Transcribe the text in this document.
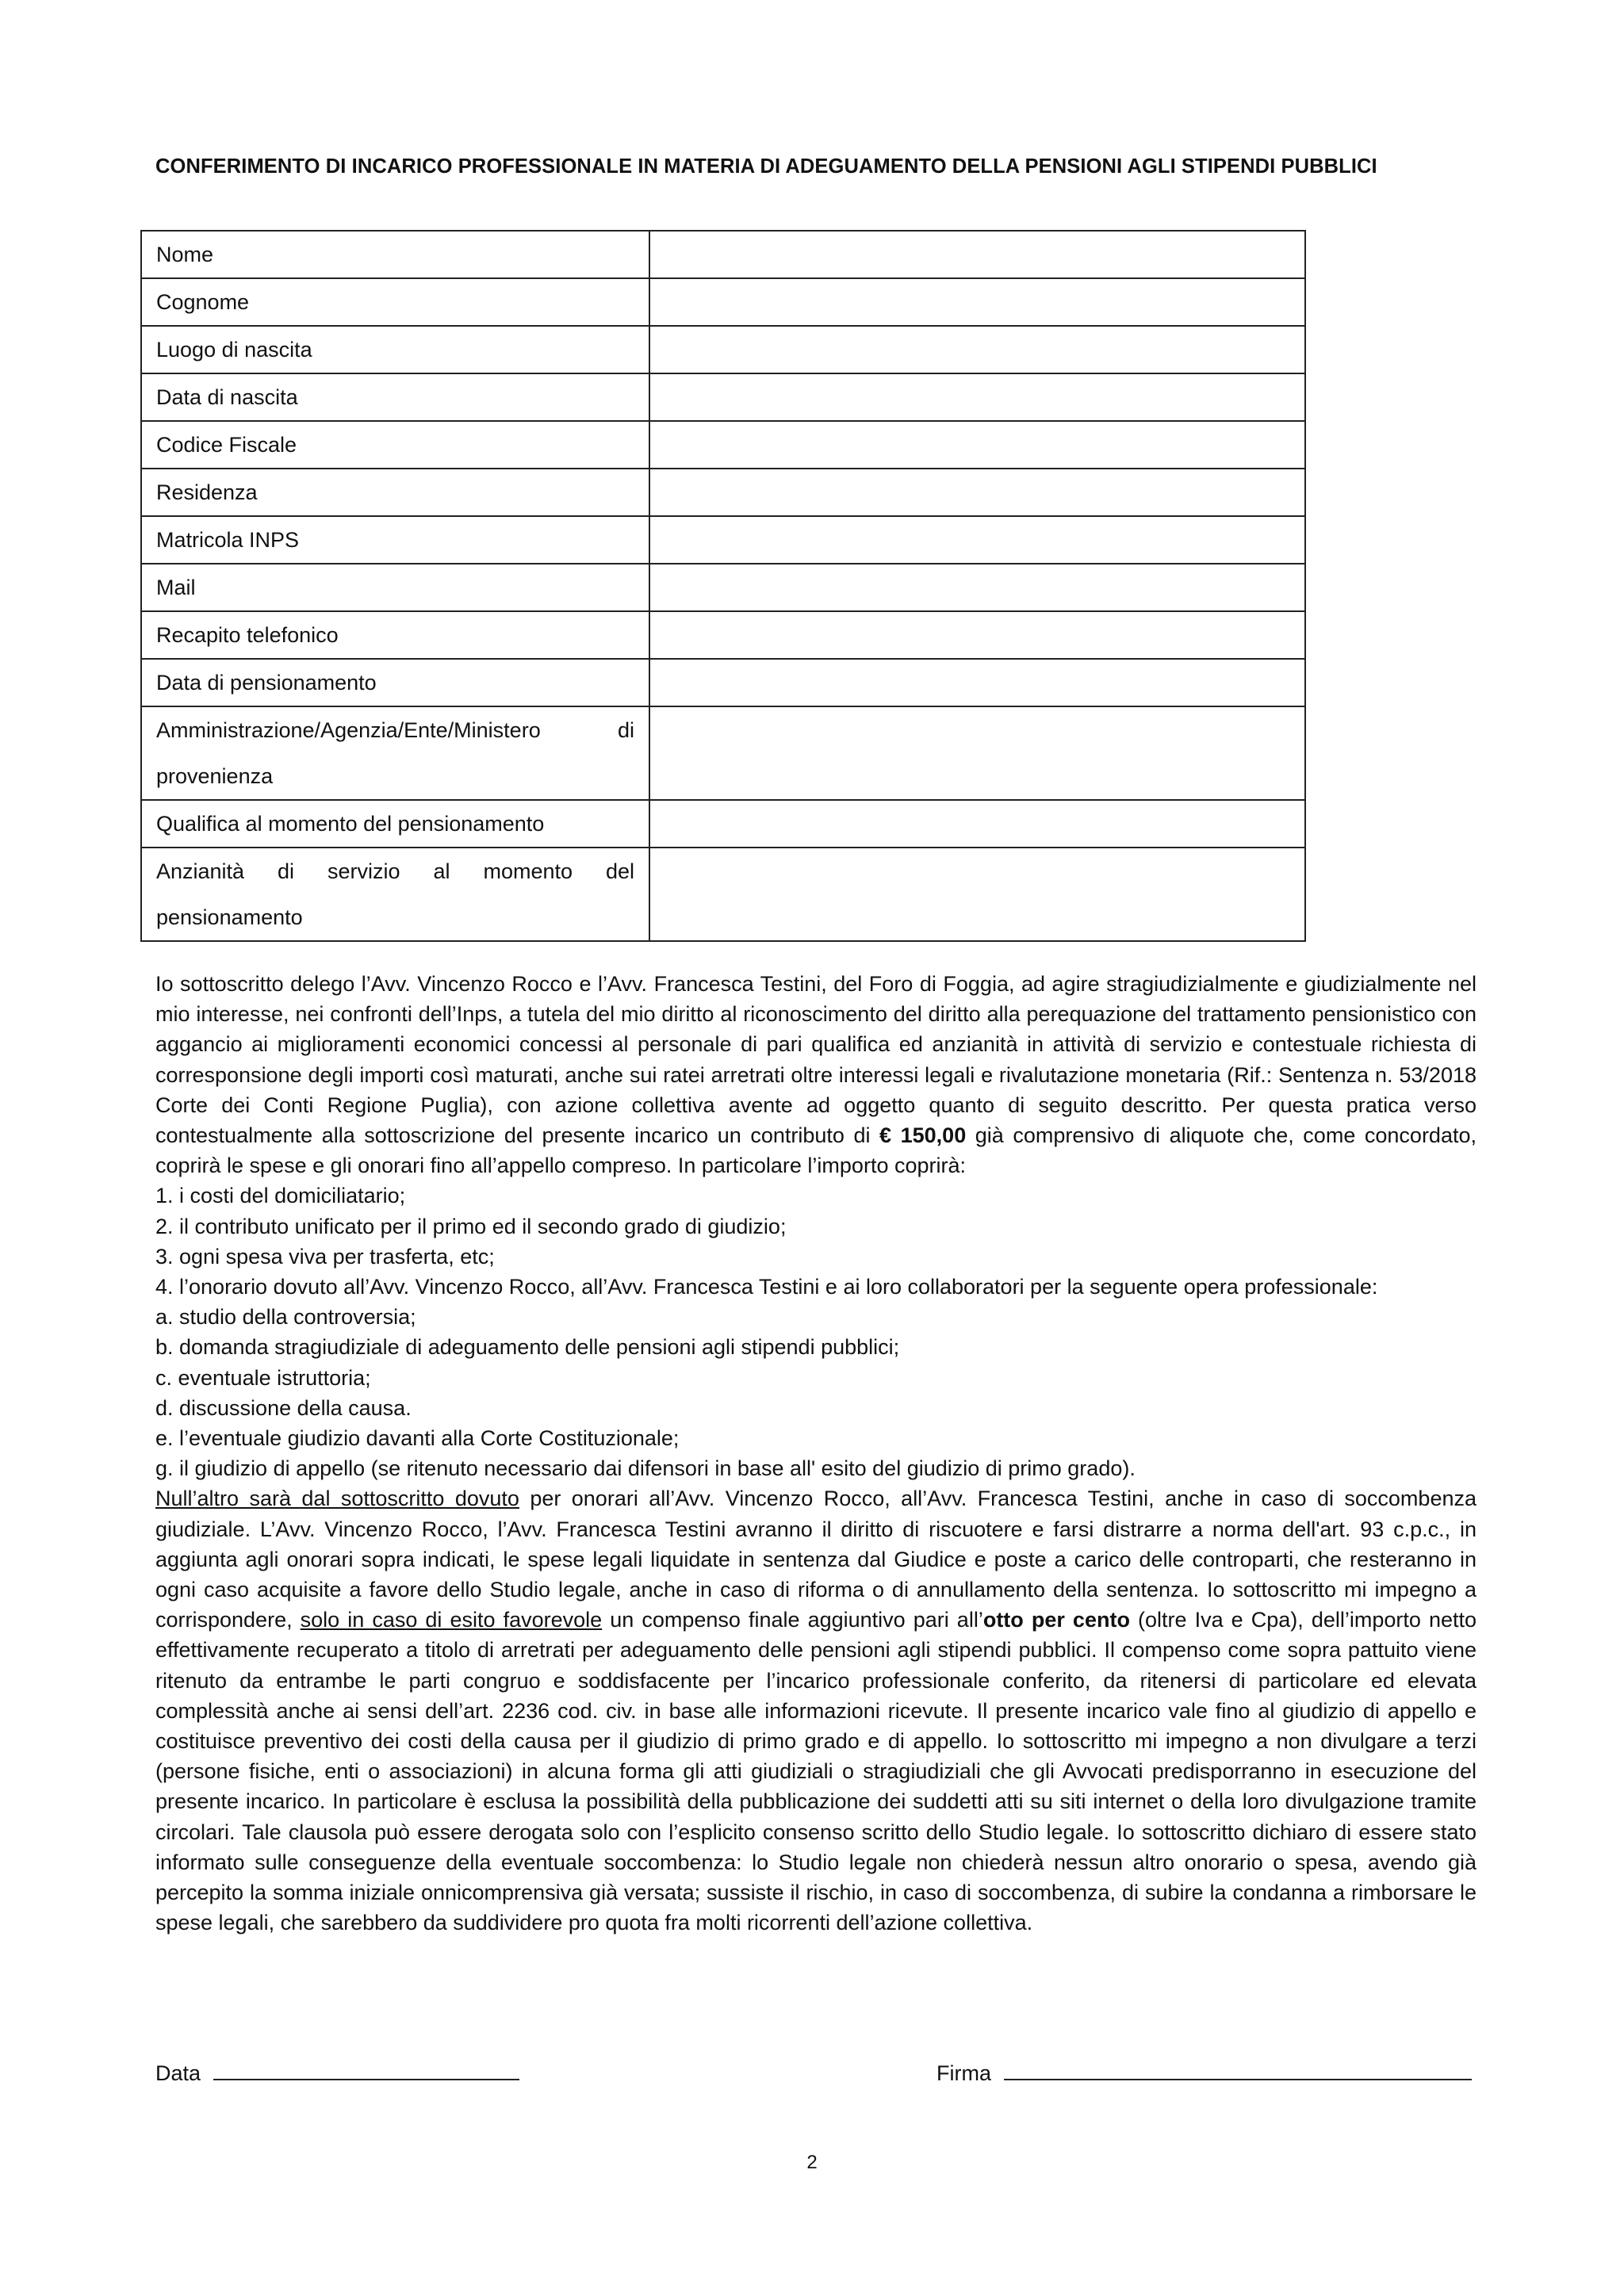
CONFERIMENTO DI INCARICO PROFESSIONALE IN MATERIA DI ADEGUAMENTO DELLA PENSIONI AGLI STIPENDI PUBBLICI
Nome	
Cognome	
Luogo di nascita	
Data di nascita	
Codice Fiscale	
Residenza	
Matricola INPS	
Mail	
Recapito telefonico	
Data di pensionamento	

Amministrazione/Agenzia/Ente/Ministero di
provenienza	

Qualifica al momento del pensionamento	

Anzianità di servizio al momento del
pensionamento	

Io sottoscritto delego l’Avv. Vincenzo Rocco e l’Avv. Francesca Testini, del Foro di Foggia, ad agire stragiudizialmente e giudizialmente nel mio interesse, nei confronti dell’Inps, a tutela del mio diritto al riconoscimento del diritto alla perequazione del trattamento pensionistico con aggancio ai miglioramenti economici concessi al personale di pari qualifica ed anzianità in attività di servizio e contestuale richiesta di corresponsione degli importi così maturati, anche sui ratei arretrati oltre interessi legali e rivalutazione monetaria (Rif.: Sentenza n. 53/2018 Corte dei Conti Regione Puglia), con azione collettiva avente ad oggetto quanto di seguito descritto. Per questa pratica verso contestualmente alla sottoscrizione del presente incarico un contributo di € 150,00 già comprensivo di aliquote che, come concordato, coprirà le spese e gli onorari fino all’appello compreso. In particolare l’importo coprirà:

1. i costi del domiciliatario;

2. il contributo unificato per il primo ed il secondo grado di giudizio;

3. ogni spesa viva per trasferta, etc;

4. l’onorario dovuto all’Avv. Vincenzo Rocco, all’Avv. Francesca Testini e ai loro collaboratori per la seguente opera professionale:

a. studio della controversia;

b. domanda stragiudiziale di adeguamento delle pensioni agli stipendi pubblici;

c. eventuale istruttoria;

d. discussione della causa.

e. l’eventuale giudizio davanti alla Corte Costituzionale;

g. il giudizio di appello (se ritenuto necessario dai difensori in base all' esito del giudizio di primo grado).

Null’altro sarà dal sottoscritto dovuto per onorari all’Avv. Vincenzo Rocco, all’Avv. Francesca Testini, anche in caso di soccombenza giudiziale. L’Avv. Vincenzo Rocco, l’Avv. Francesca Testini avranno il diritto di riscuotere e farsi distrarre a norma dell'art. 93 c.p.c., in aggiunta agli onorari sopra indicati, le spese legali liquidate in sentenza dal Giudice e poste a carico delle controparti, che resteranno in ogni caso acquisite a favore dello Studio legale, anche in caso di riforma o di annullamento della sentenza. Io sottoscritto mi impegno a corrispondere, solo in caso di esito favorevole un compenso finale aggiuntivo pari all’otto per cento (oltre Iva e Cpa), dell’importo netto effettivamente recuperato a titolo di arretrati per adeguamento delle pensioni agli stipendi pubblici. Il compenso come sopra pattuito viene ritenuto da entrambe le parti congruo e soddisfacente per l’incarico professionale conferito, da ritenersi di particolare ed elevata complessità anche ai sensi dell’art. 2236 cod. civ. in base alle informazioni ricevute. Il presente incarico vale fino al giudizio di appello e costituisce preventivo dei costi della causa per il giudizio di primo grado e di appello. Io sottoscritto mi impegno a non divulgare a terzi (persone fisiche, enti o associazioni) in alcuna forma gli atti giudiziali o stragiudiziali che gli Avvocati predisporranno in esecuzione del presente incarico. In particolare è esclusa la possibilità della pubblicazione dei suddetti atti su siti internet o della loro divulgazione tramite circolari. Tale clausola può essere derogata solo con l’esplicito consenso scritto dello Studio legale. Io sottoscritto dichiaro di essere stato informato sulle conseguenze della eventuale soccombenza: lo Studio legale non chiederà nessun altro onorario o spesa, avendo già percepito la somma iniziale onnicomprensiva già versata; sussiste il rischio, in caso di soccombenza, di subire la condanna a rimborsare le spese legali, che sarebbero da suddividere pro quota fra molti ricorrenti dell’azione collettiva.

Data	Firma
2
